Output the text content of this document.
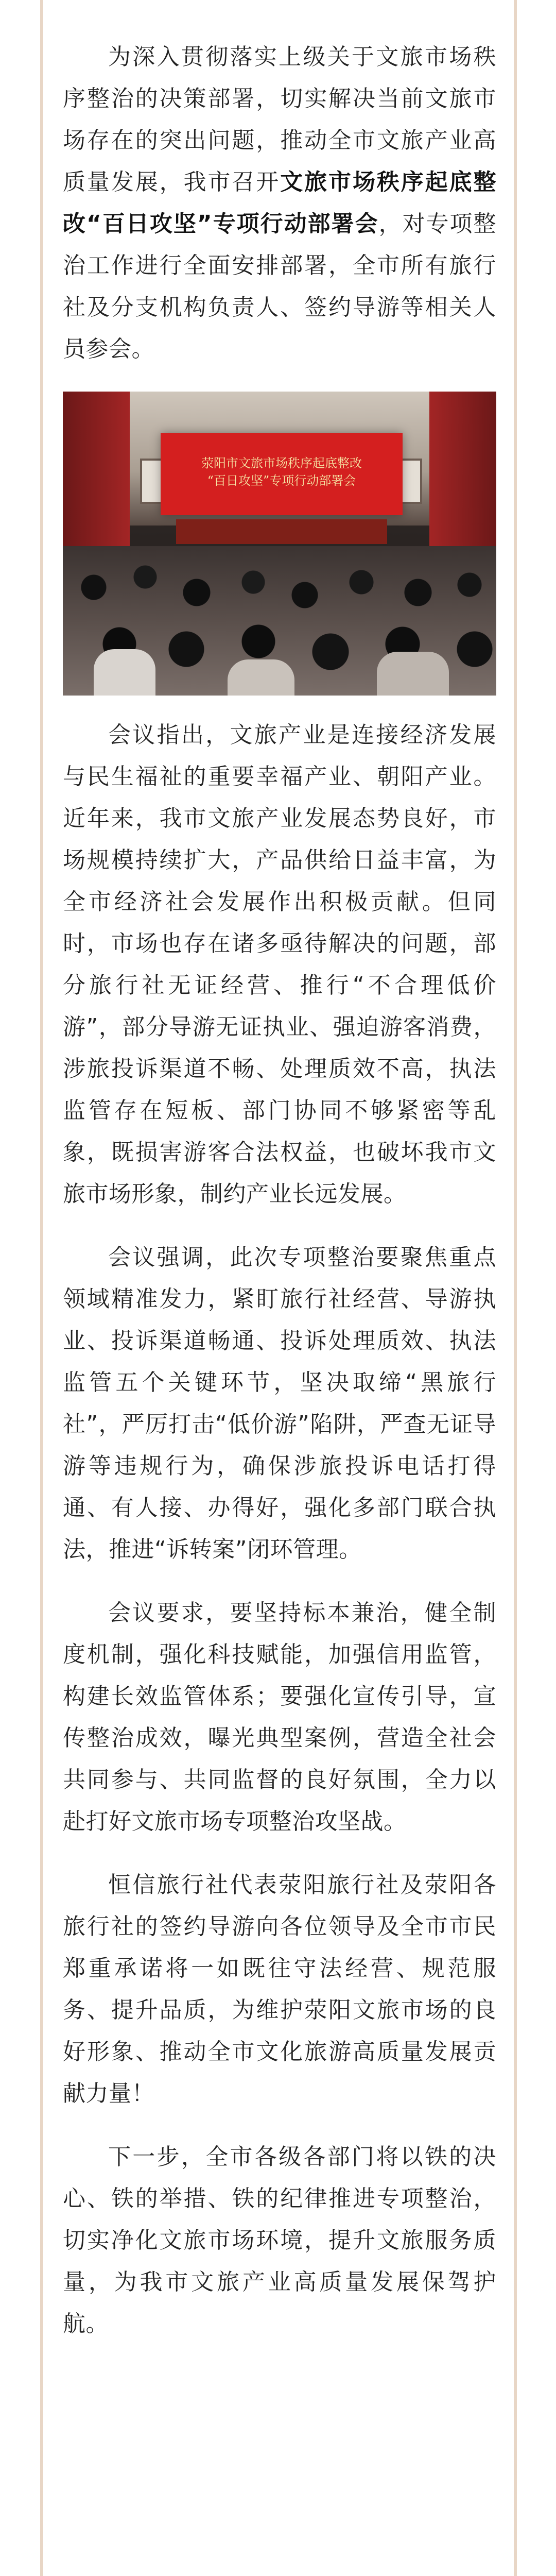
为深入贯彻落实上级关于文旅市场秩序整治的决策部署，切实解决当前文旅市场存在的突出问题，推动全市文旅产业高质量发展，我市召开文旅市场秩序起底整改“百日攻坚”专项行动部署会，对专项整治工作进行全面安排部署，全市所有旅行社及分支机构负责人、签约导游等相关人员参会。

荥阳市文旅市场秩序起底整改
“百日攻坚”专项行动部署会

会议指出，文旅产业是连接经济发展与民生福祉的重要幸福产业、朝阳产业。近年来，我市文旅产业发展态势良好，市场规模持续扩大，产品供给日益丰富，为全市经济社会发展作出积极贡献。但同时，市场也存在诸多亟待解决的问题，部分旅行社无证经营、推行“不合理低价游”，部分导游无证执业、强迫游客消费，涉旅投诉渠道不畅、处理质效不高，执法监管存在短板、部门协同不够紧密等乱象，既损害游客合法权益，也破坏我市文旅市场形象，制约产业长远发展。

会议强调，此次专项整治要聚焦重点领域精准发力，紧盯旅行社经营、导游执业、投诉渠道畅通、投诉处理质效、执法监管五个关键环节，坚决取缔“黑旅行社”，严厉打击“低价游”陷阱，严查无证导游等违规行为，确保涉旅投诉电话打得通、有人接、办得好，强化多部门联合执法，推进“诉转案”闭环管理。

会议要求，要坚持标本兼治，健全制度机制，强化科技赋能，加强信用监管，构建长效监管体系；要强化宣传引导，宣传整治成效，曝光典型案例，营造全社会共同参与、共同监督的良好氛围，全力以赴打好文旅市场专项整治攻坚战。

恒信旅行社代表荥阳旅行社及荥阳各旅行社的签约导游向各位领导及全市市民郑重承诺将一如既往守法经营、规范服务、提升品质，为维护荥阳文旅市场的良好形象、推动全市文化旅游高质量发展贡献力量！

下一步，全市各级各部门将以铁的决心、铁的举措、铁的纪律推进专项整治，切实净化文旅市场环境，提升文旅服务质量，为我市文旅产业高质量发展保驾护航。
